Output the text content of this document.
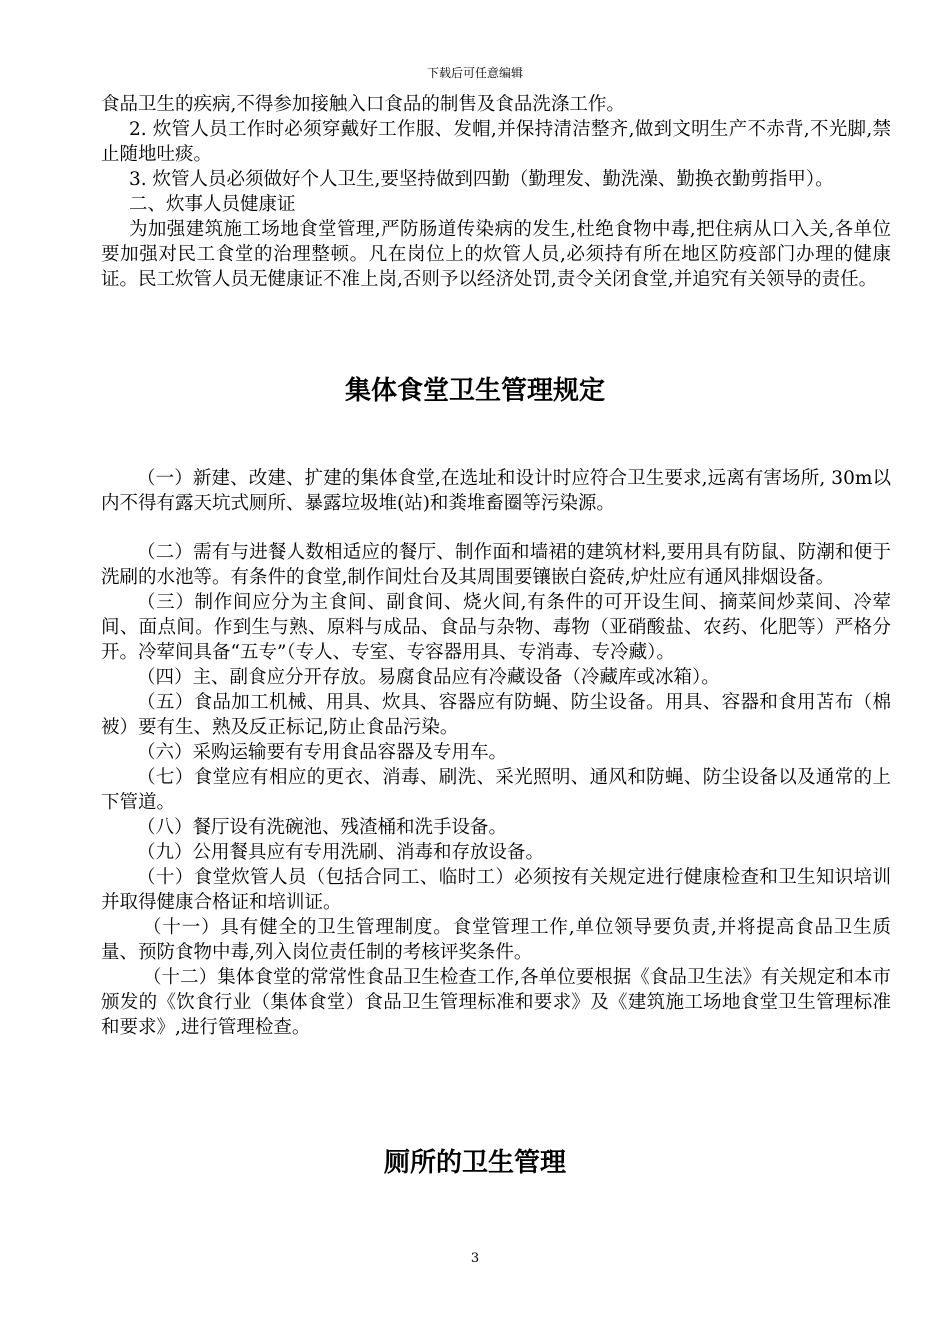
下载后可任意编辑

食品卫生的疾病,不得参加接触入口食品的制售及食品洗涤工作。

2. 炊管人员工作时必须穿戴好工作服、发帽,并保持清洁整齐,做到文明生产不赤背,不光脚,禁止随地吐痰。

3. 炊管人员必须做好个人卫生,要坚持做到四勤（勤理发、勤洗澡、勤换衣勤剪指甲）。

二、炊事人员健康证

为加强建筑施工场地食堂管理,严防肠道传染病的发生,杜绝食物中毒,把住病从口入关,各单位要加强对民工食堂的治理整顿。凡在岗位上的炊管人员,必须持有所在地区防疫部门办理的健康证。民工炊管人员无健康证不准上岗,否则予以经济处罚,责令关闭食堂,并追究有关领导的责任。

集体食堂卫生管理规定

（一）新建、改建、扩建的集体食堂,在选址和设计时应符合卫生要求,远离有害场所, 30m以内不得有露天坑式厕所、暴露垃圾堆(站)和粪堆畜圈等污染源。

（二）需有与进餐人数相适应的餐厅、制作面和墙裙的建筑材料,要用具有防鼠、防潮和便于洗刷的水池等。有条件的食堂,制作间灶台及其周围要镶嵌白瓷砖,炉灶应有通风排烟设备。

（三）制作间应分为主食间、副食间、烧火间,有条件的可开设生间、摘菜间炒菜间、冷荤间、面点间。作到生与熟、原料与成品、食品与杂物、毒物（亚硝酸盐、农药、化肥等）严格分开。冷荤间具备“五专”（专人、专室、专容器用具、专消毒、专冷藏）。

（四）主、副食应分开存放。易腐食品应有冷藏设备（冷藏库或冰箱）。

（五）食品加工机械、用具、炊具、容器应有防蝇、防尘设备。用具、容器和食用苫布（棉被）要有生、熟及反正标记,防止食品污染。

（六）采购运输要有专用食品容器及专用车。

（七）食堂应有相应的更衣、消毒、刷洗、采光照明、通风和防蝇、防尘设备以及通常的上下管道。

（八）餐厅设有洗碗池、残渣桶和洗手设备。

（九）公用餐具应有专用洗刷、消毒和存放设备。

（十）食堂炊管人员（包括合同工、临时工）必须按有关规定进行健康检查和卫生知识培训并取得健康合格证和培训证。

（十一）具有健全的卫生管理制度。食堂管理工作,单位领导要负责,并将提高食品卫生质量、预防食物中毒,列入岗位责任制的考核评奖条件。

（十二）集体食堂的常常性食品卫生检查工作,各单位要根据《食品卫生法》有关规定和本市颁发的《饮食行业（集体食堂）食品卫生管理标准和要求》及《建筑施工场地食堂卫生管理标准和要求》,进行管理检查。

厕所的卫生管理
3
